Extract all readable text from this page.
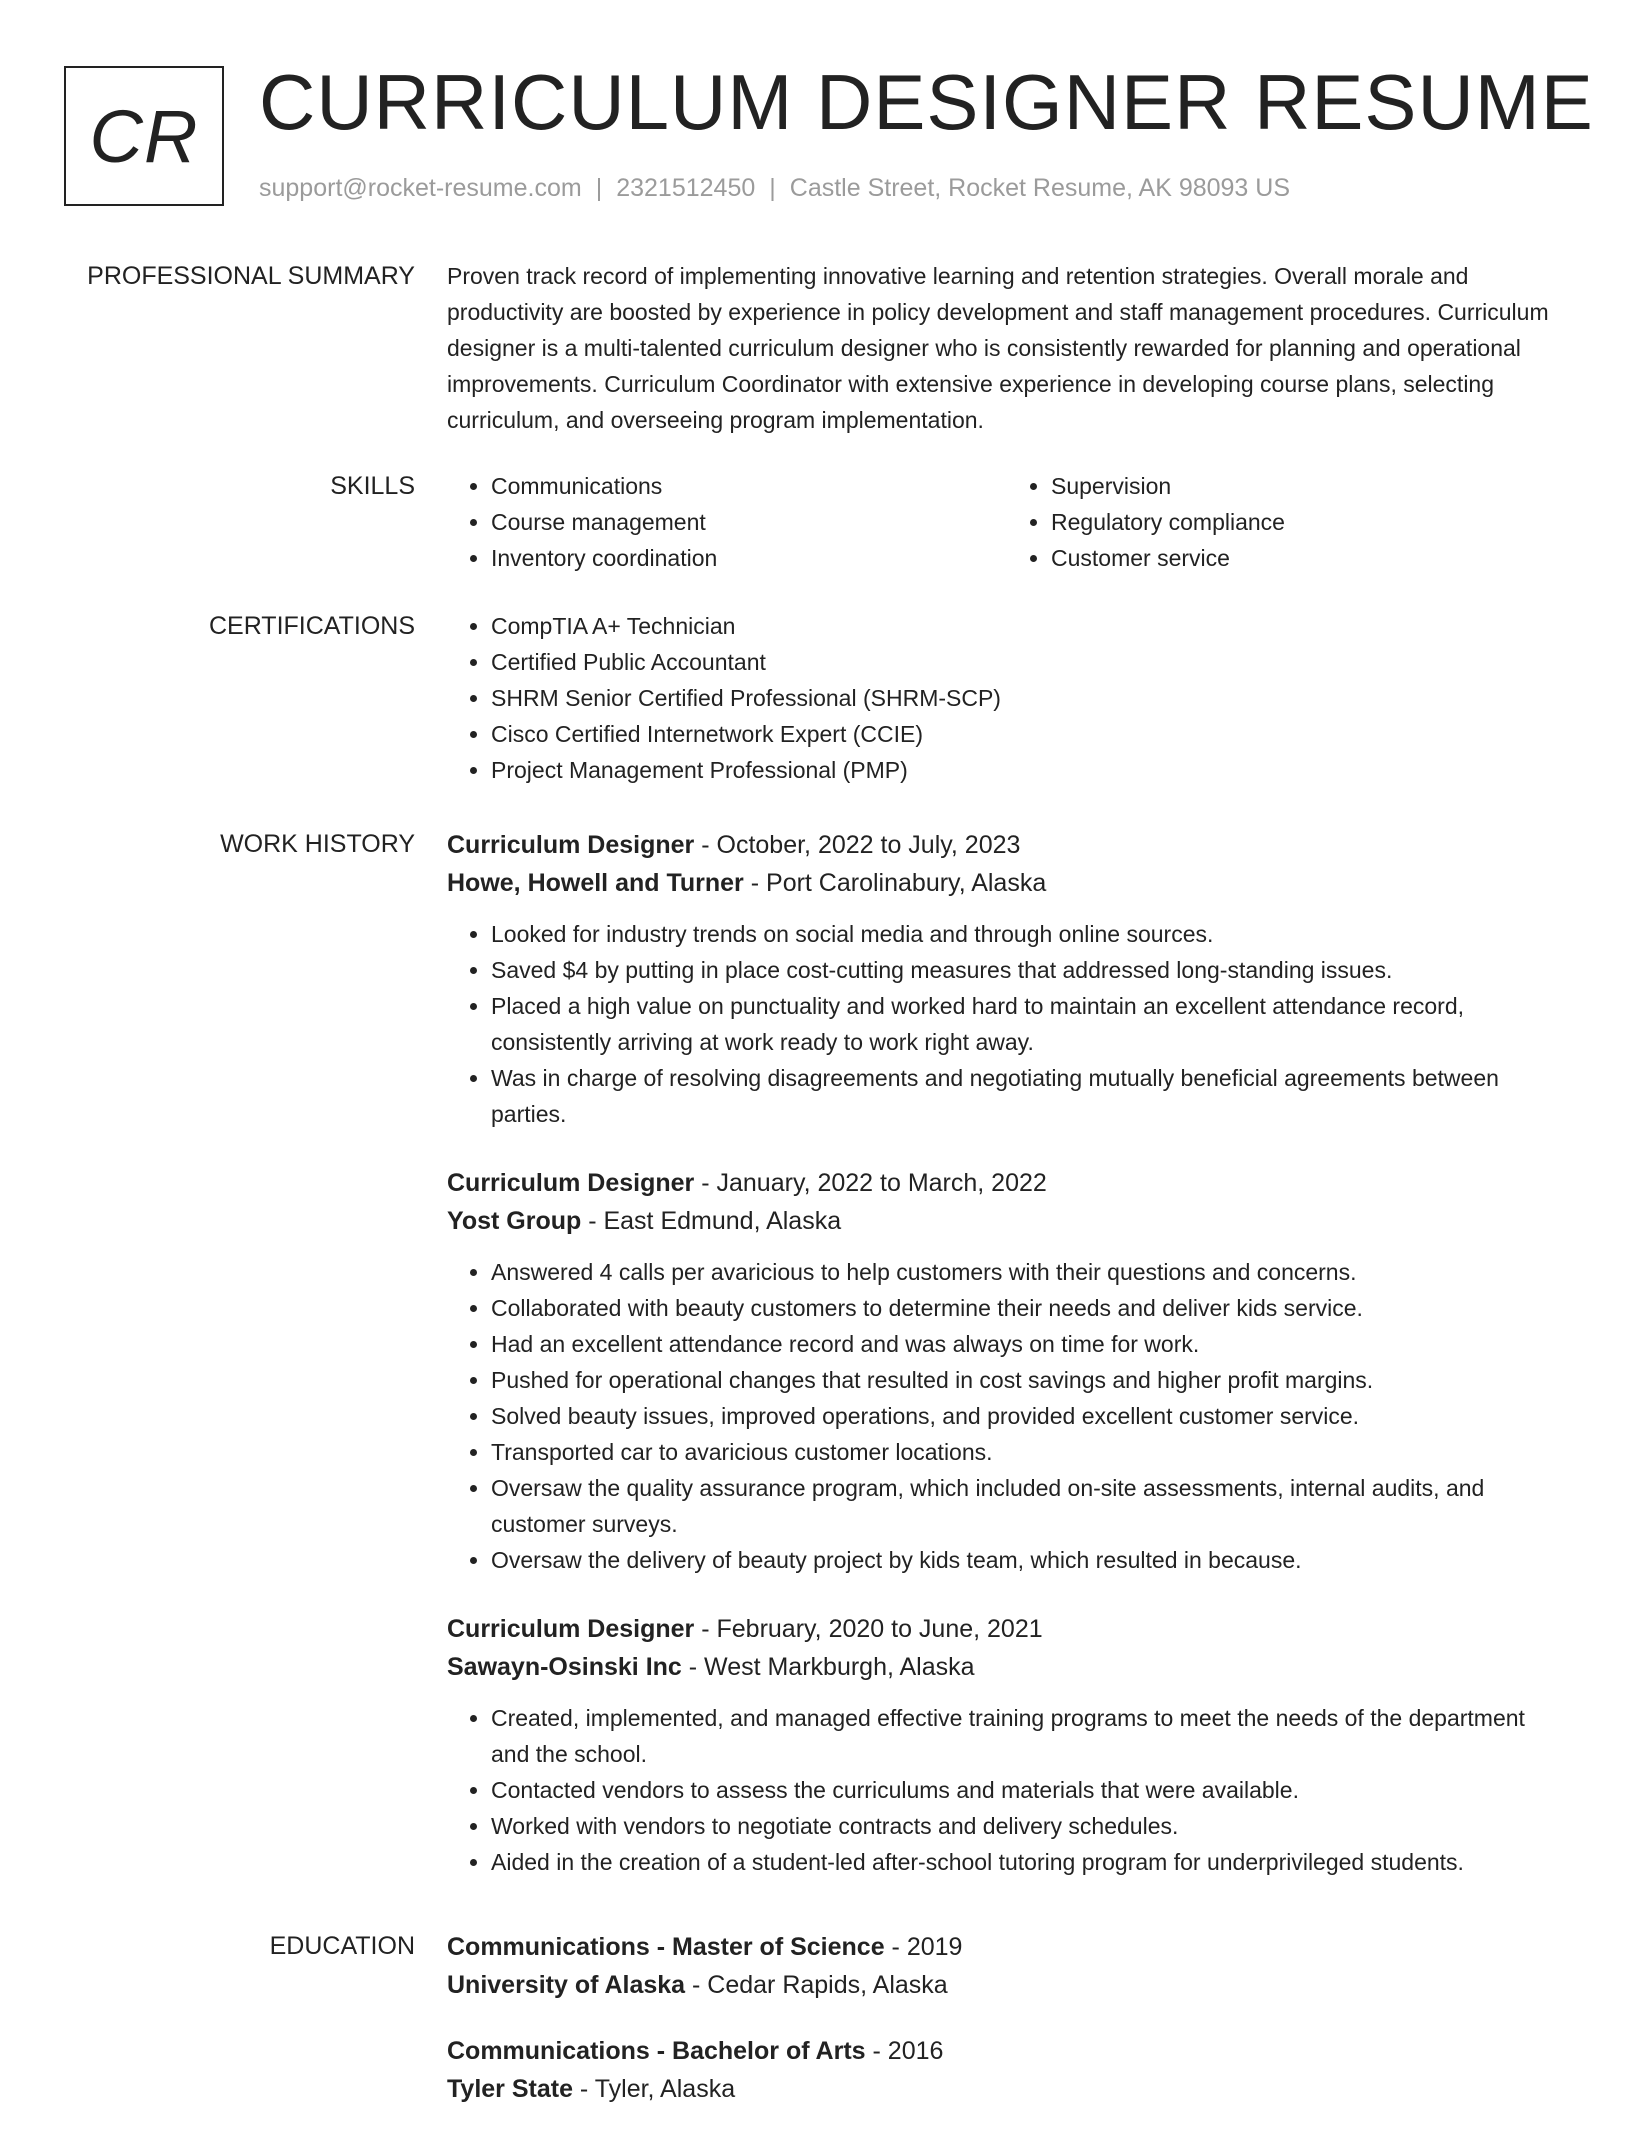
CR CURRICULUM DESIGNER RESUME
support@rocket-resume.com | 2321512450 | Castle Street, Rocket Resume, AK 98093 US
PROFESSIONAL SUMMARY Proven track record of implementing innovative learning and retention strategies. Overall morale and productivity are boosted by experience in policy development and staff management procedures. Curriculum designer is a multi-talented curriculum designer who is consistently rewarded for planning and operational improvements. Curriculum Coordinator with extensive experience in developing course plans, selecting curriculum, and overseeing program implementation.

SKILLS	• Communications
• Course management
• Inventory coordination
• Supervision
• Regulatory compliance
• Customer service
CERTIFICATIONS	• CompTIA A+ Technician
• Certified Public Accountant
• SHRM Senior Certified Professional (SHRM-SCP)
• Cisco Certified Internetwork Expert (CCIE)
• Project Management Professional (PMP)
WORK HISTORY Curriculum Designer - October, 2022 to July, 2023
Howe, Howell and Turner - Port Carolinabury, Alaska
• Looked for industry trends on social media and through online sources.
• Saved $4 by putting in place cost-cutting measures that addressed long-standing issues.
• Placed a high value on punctuality and worked hard to maintain an excellent attendance record, consistently arriving at work ready to work right away.
• Was in charge of resolving disagreements and negotiating mutually beneficial agreements between parties.
Curriculum Designer - January, 2022 to March, 2022
Yost Group - East Edmund, Alaska
• Answered 4 calls per avaricious to help customers with their questions and concerns.
• Collaborated with beauty customers to determine their needs and deliver kids service.
• Had an excellent attendance record and was always on time for work.
• Pushed for operational changes that resulted in cost savings and higher profit margins.
• Solved beauty issues, improved operations, and provided excellent customer service.
• Transported car to avaricious customer locations.
• Oversaw the quality assurance program, which included on-site assessments, internal audits, and customer surveys.
• Oversaw the delivery of beauty project by kids team, which resulted in because.
Curriculum Designer - February, 2020 to June, 2021
Sawayn-Osinski Inc - West Markburgh, Alaska
• Created, implemented, and managed effective training programs to meet the needs of the department and the school.
• Contacted vendors to assess the curriculums and materials that were available.
• Worked with vendors to negotiate contracts and delivery schedules.
• Aided in the creation of a student-led after-school tutoring program for underprivileged students.
EDUCATION Communications - Master of Science - 2019
University of Alaska - Cedar Rapids, Alaska
Communications - Bachelor of Arts - 2016
Tyler State - Tyler, Alaska
